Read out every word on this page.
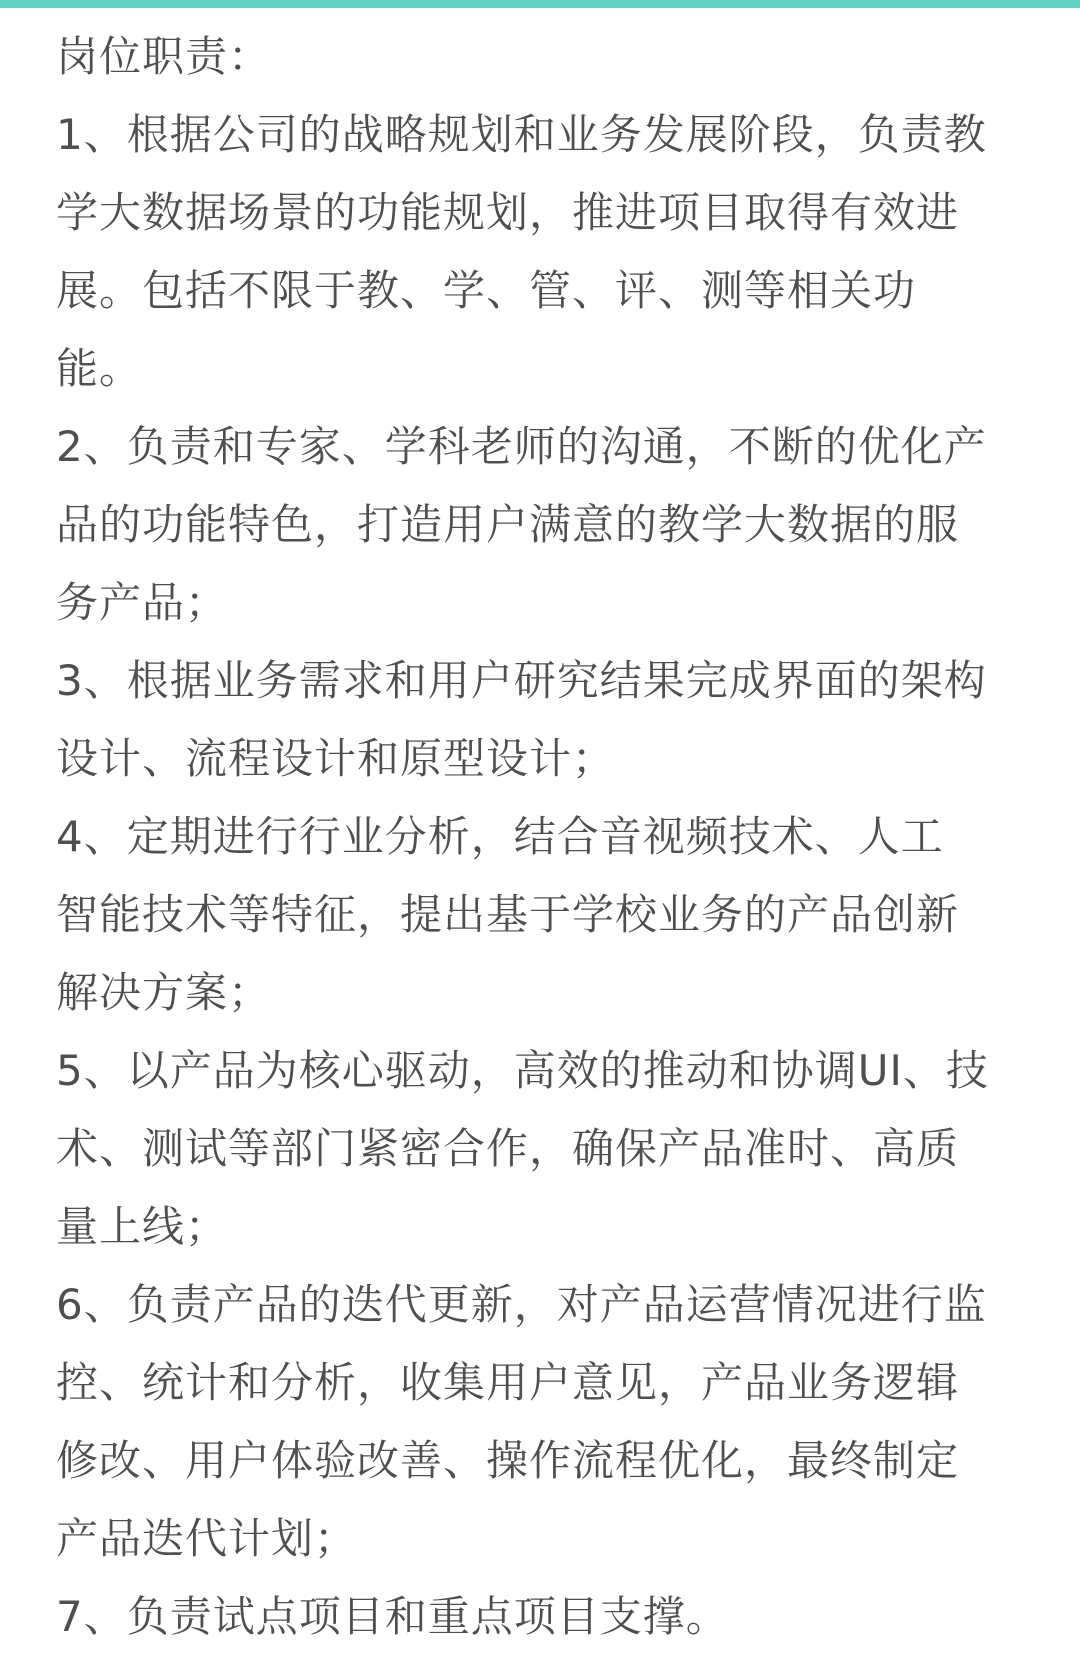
岗位职责：
1、根据公司的战略规划和业务发展阶段，负责教
学大数据场景的功能规划，推进项目取得有效进
展。包括不限于教、学、管、评、测等相关功
能。
2、负责和专家、学科老师的沟通，不断的优化产
品的功能特色，打造用户满意的教学大数据的服
务产品；
3、根据业务需求和用户研究结果完成界面的架构
设计、流程设计和原型设计；
4、定期进行行业分析，结合音视频技术、人工
智能技术等特征，提出基于学校业务的产品创新
解决方案；
5、以产品为核心驱动，高效的推动和协调UI、技
术、测试等部门紧密合作，确保产品准时、高质
量上线；
6、负责产品的迭代更新，对产品运营情况进行监
控、统计和分析，收集用户意见，产品业务逻辑
修改、用户体验改善、操作流程优化，最终制定
产品迭代计划；
7、负责试点项目和重点项目支撑。
